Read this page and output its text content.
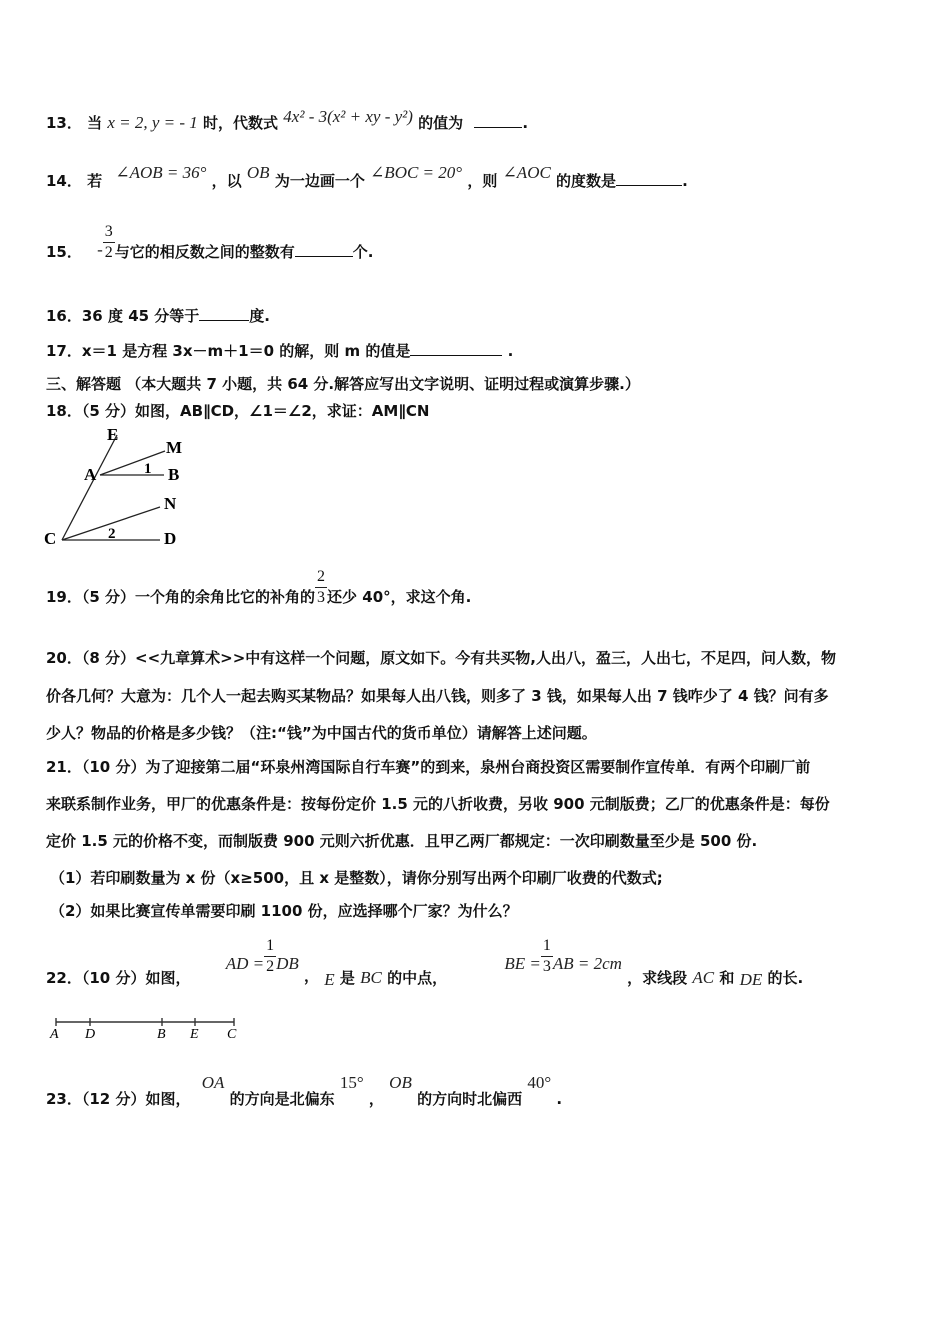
13． 当 x = 2, y = - 1 时，代数式 4x² - 3(x² + xy - y²) 的值为	.
14． 若 ∠AOB = 36° ，以 OB 为一边画一个 ∠BOC = 20° ，则 ∠AOC 的度数是	.
15． - $\frac{3}{2}$ 与它的相反数之间的整数有	个.
16．36 度 45 分等于	度.
17．x＝1 是方程 3x－m＋1＝0 的解，则 m 的值是	.
三、解答题 （本大题共 7 小题，共 64 分.解答应写出文字说明、证明过程或演算步骤.）
18．（5 分）如图，AB∥CD，∠1＝∠2，求证：AM∥CN
E
M
A	1 B
N
C	2	D
19．（5 分）一个角的余角比它的补角的 $\frac{2}{3}$ 还少 40°，求这个角.
20．（8 分）<<九章算术>>中有这样一个问题，原文如下。今有共买物,人出八，盈三，人出七，不足四，问人数，物
价各几何？大意为：几个人一起去购买某物品？如果每人出八钱，则多了 3 钱，如果每人出 7 钱咋少了 4 钱？问有多
少人？物品的价格是多少钱？（注:“钱”为中国古代的货币单位）请解答上述问题。
21．（10 分）为了迎接第二届“环泉州湾国际自行车赛”的到来，泉州台商投资区需要制作宣传单．有两个印刷厂前
来联系制作业务，甲厂的优惠条件是：按每份定价 1.5 元的八折收费，另收 900 元制版费；乙厂的优惠条件是：每份
定价 1.5 元的价格不变，而制版费 900 元则六折优惠．且甲乙两厂都规定：一次印刷数量至少是 500 份.
（1）若印刷数量为 x 份（x≥500，且 x 是整数），请你分别写出两个印刷厂收费的代数式;
（2）如果比赛宣传单需要印刷 1100 份，应选择哪个厂家？为什么？
22．（10 分）如图， AD = $\frac{1}{2}$ DB ， E 是 BC 的中点， BE = $\frac{1}{3}$ AB = 2cm ，求线段 AC 和 DE 的长.
A D	B E C
23．（12 分）如图， OA 的方向是北偏东 15° ， OB 的方向时北偏西 40° .
